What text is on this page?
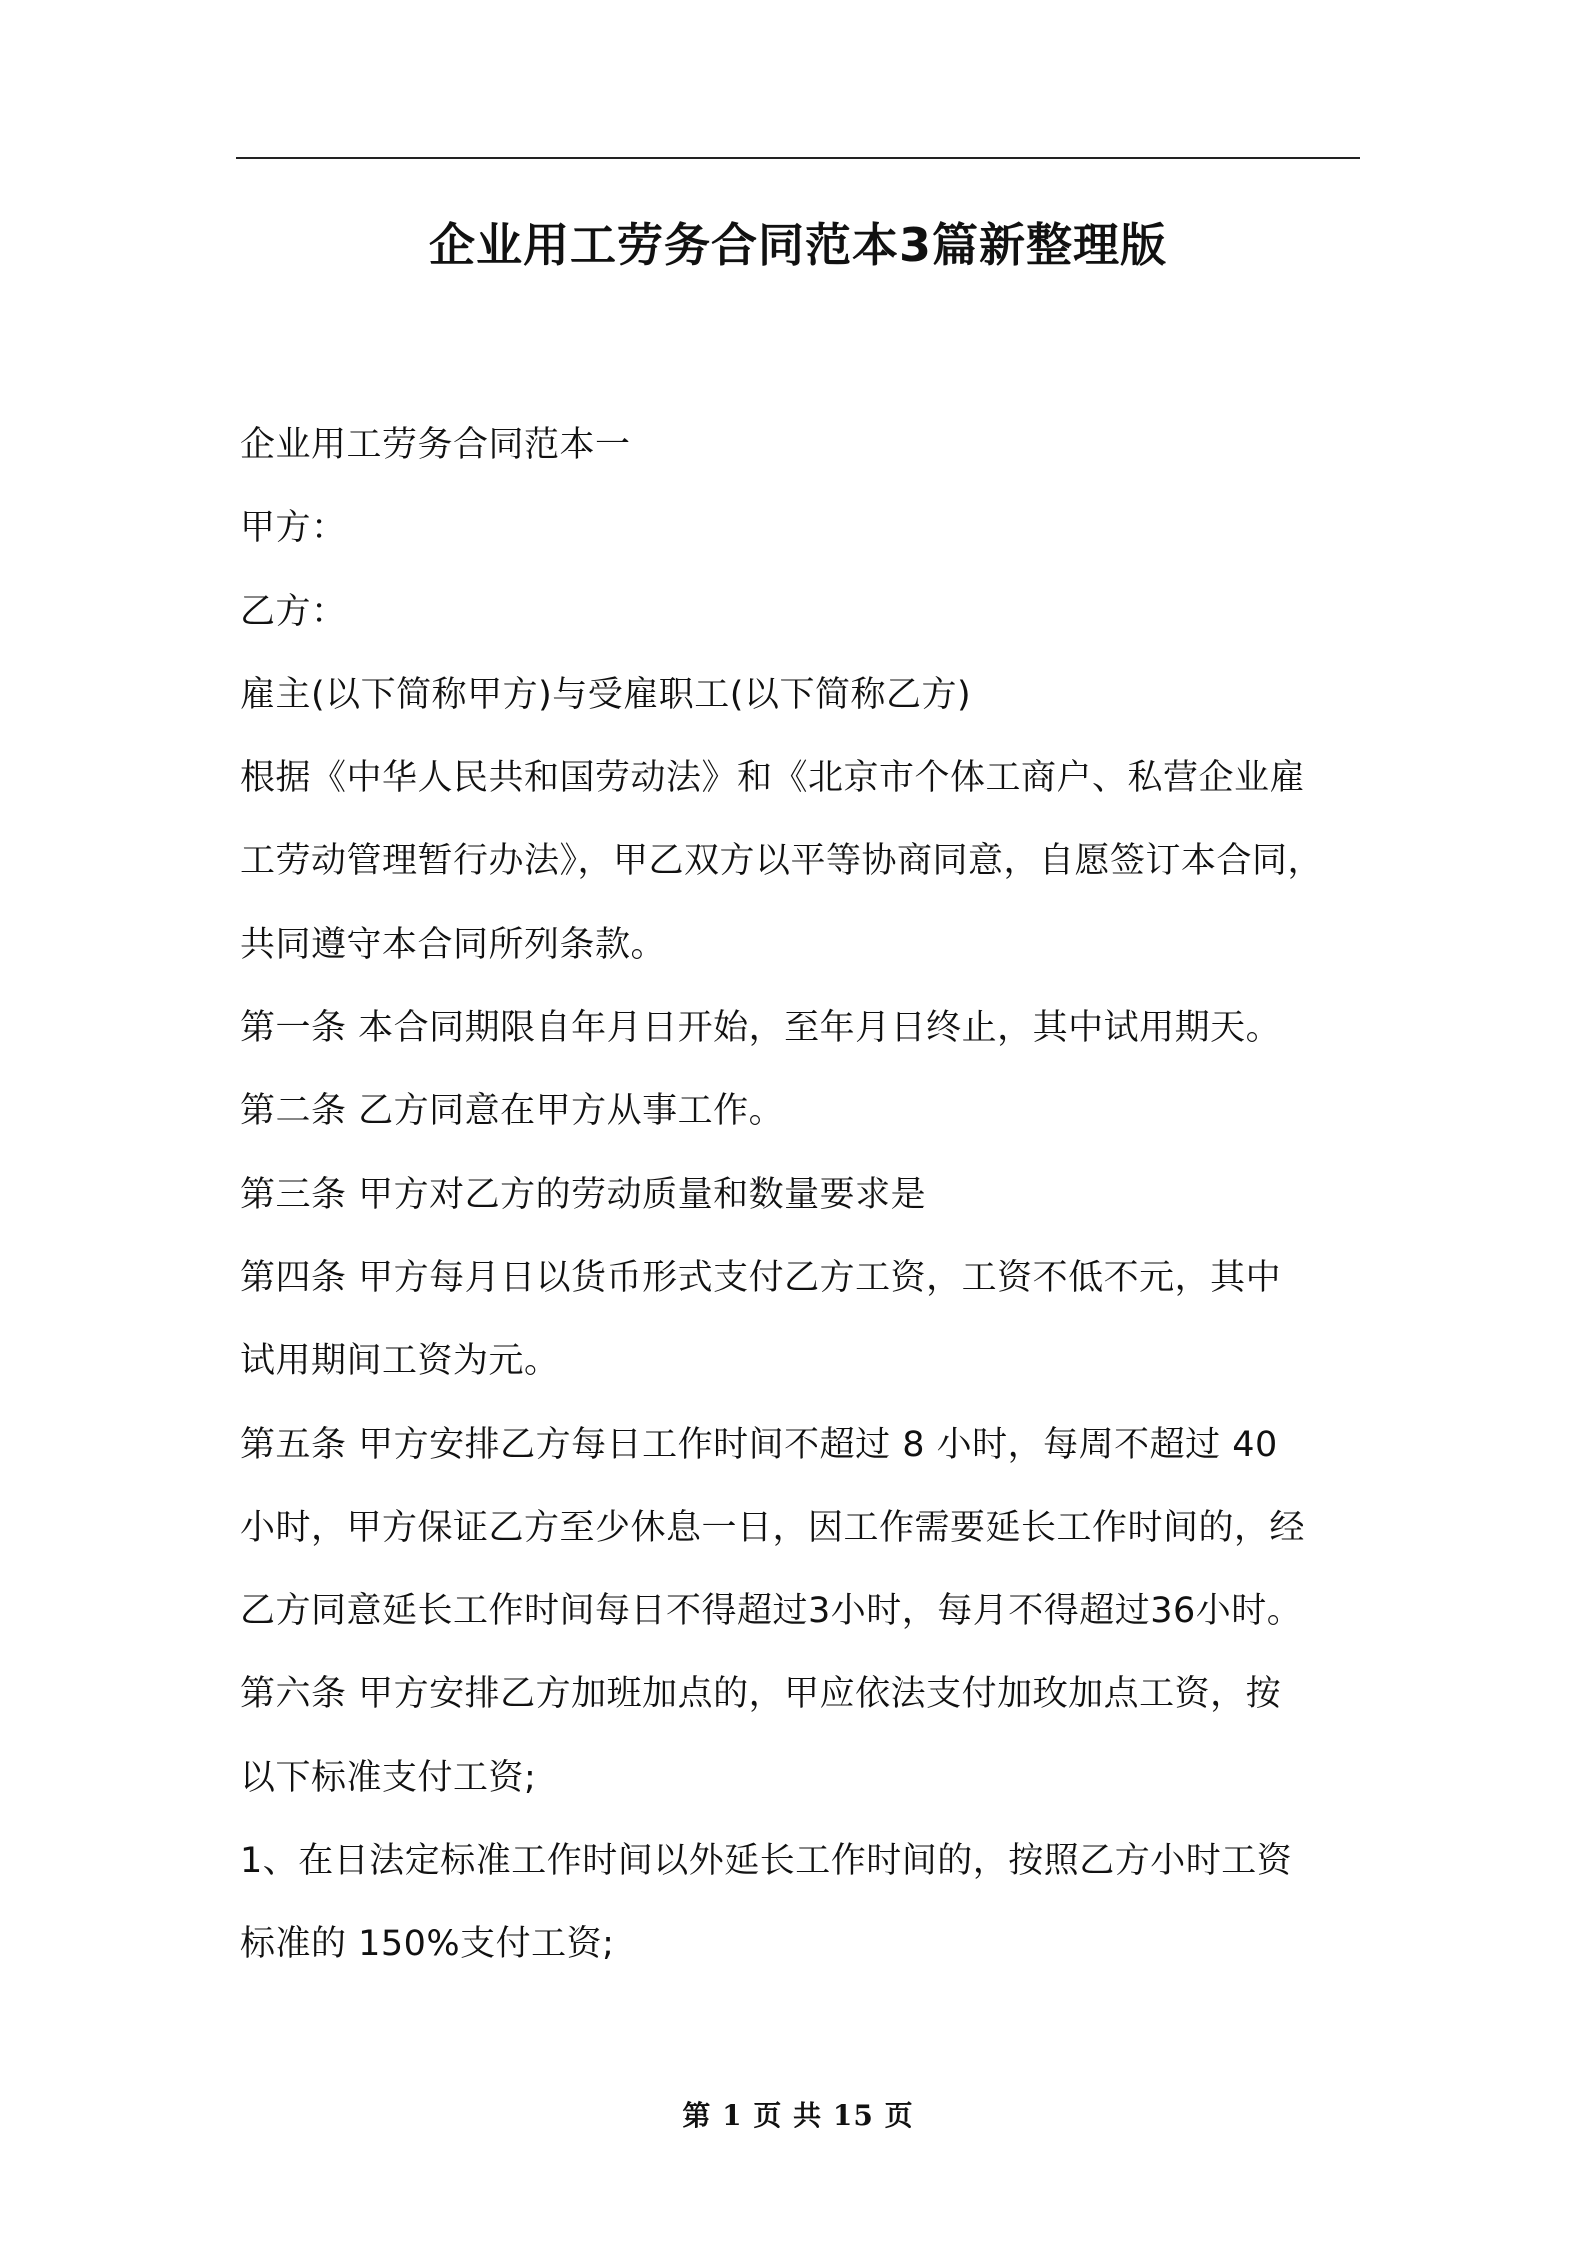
企业用工劳务合同范本3篇新整理版

企业用工劳务合同范本一

甲方：

乙方：

雇主(以下简称甲方)与受雇职工(以下简称乙方)

根据《中华人民共和国劳动法》和《北京市个体工商户、私营企业雇

工劳动管理暂行办法》，甲乙双方以平等协商同意，自愿签订本合同，

共同遵守本合同所列条款。

第一条 本合同期限自年月日开始，至年月日终止，其中试用期天。

第二条 乙方同意在甲方从事工作。

第三条 甲方对乙方的劳动质量和数量要求是

第四条 甲方每月日以货币形式支付乙方工资，工资不低不元，其中

试用期间工资为元。

第五条 甲方安排乙方每日工作时间不超过 8 小时，每周不超过 40

小时，甲方保证乙方至少休息一日，因工作需要延长工作时间的，经

乙方同意延长工作时间每日不得超过3小时，每月不得超过36小时。

第六条 甲方安排乙方加班加点的，甲应依法支付加玫加点工资，按

以下标准支付工资;

1、在日法定标准工作时间以外延长工作时间的，按照乙方小时工资

标准的 150%支付工资;

第 1 页 共 15 页
